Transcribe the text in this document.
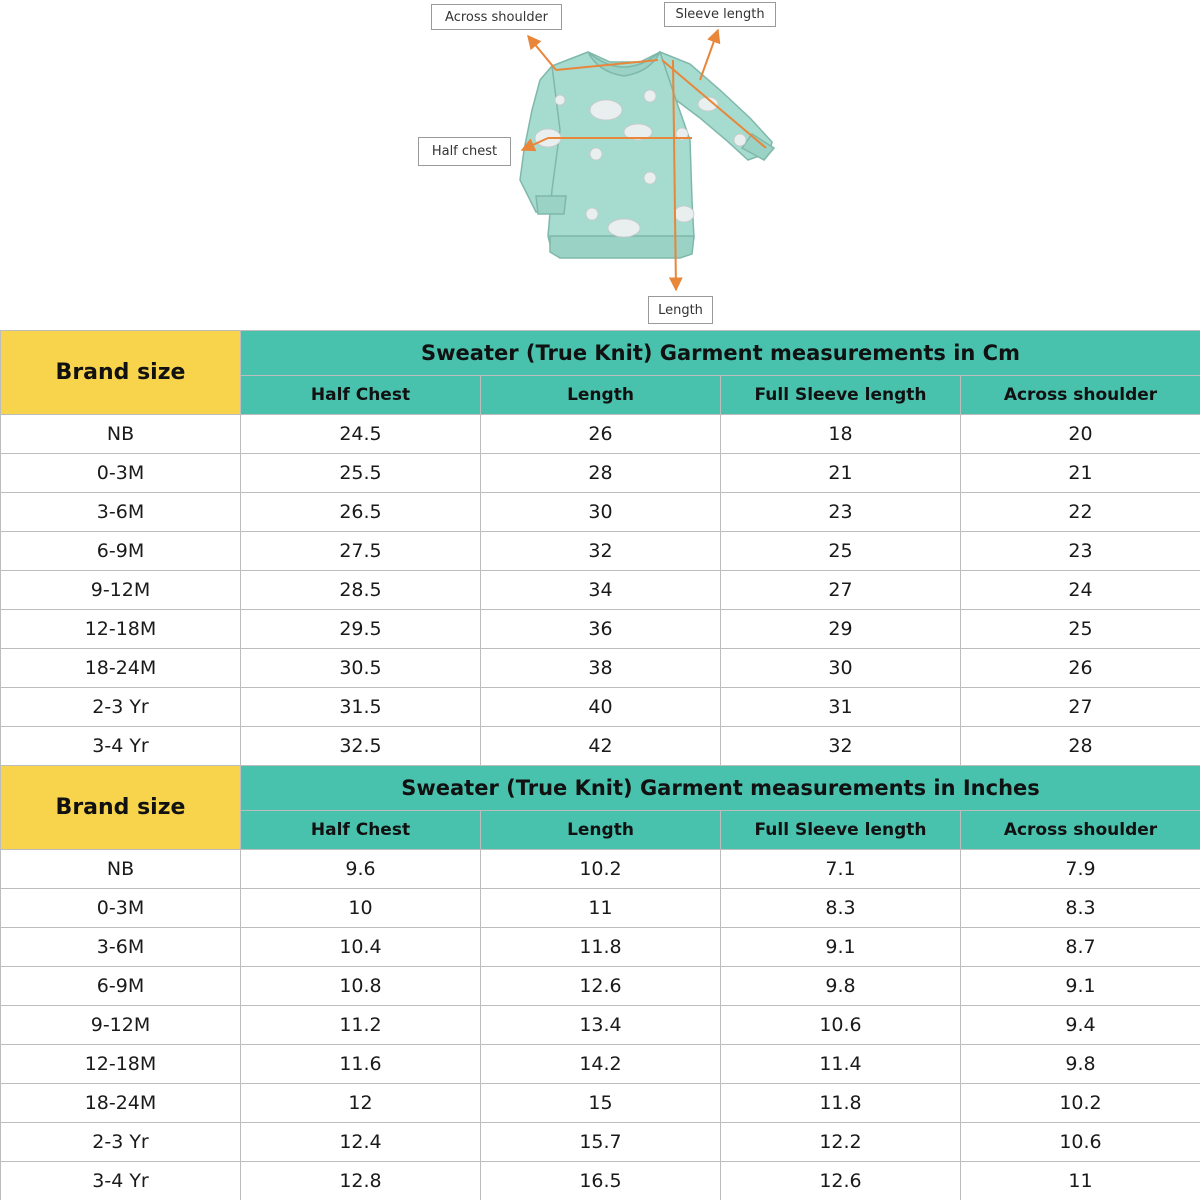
Across shoulder	Sleeve length
Half chest
Length
Brand size	Sweater (True Knit) Garment measurements in Cm			
	Half Chest	Length	Full Sleeve length	Across shoulder
NB	24.5	26	18	20
0-3M	25.5	28	21	21
3-6M	26.5	30	23	22
6-9M	27.5	32	25	23
9-12M	28.5	34	27	24
12-18M	29.5	36	29	25
18-24M	30.5	38	30	26
2-3 Yr	31.5	40	31	27
3-4 Yr	32.5	42	32	28
Brand size	Sweater (True Knit) Garment measurements in Inches			
	Half Chest	Length	Full Sleeve length	Across shoulder
NB	9.6	10.2	7.1	7.9
0-3M	10	11	8.3	8.3
3-6M	10.4	11.8	9.1	8.7
6-9M	10.8	12.6	9.8	9.1
9-12M	11.2	13.4	10.6	9.4
12-18M	11.6	14.2	11.4	9.8
18-24M	12	15	11.8	10.2
2-3 Yr	12.4	15.7	12.2	10.6
3-4 Yr	12.8	16.5	12.6	11
